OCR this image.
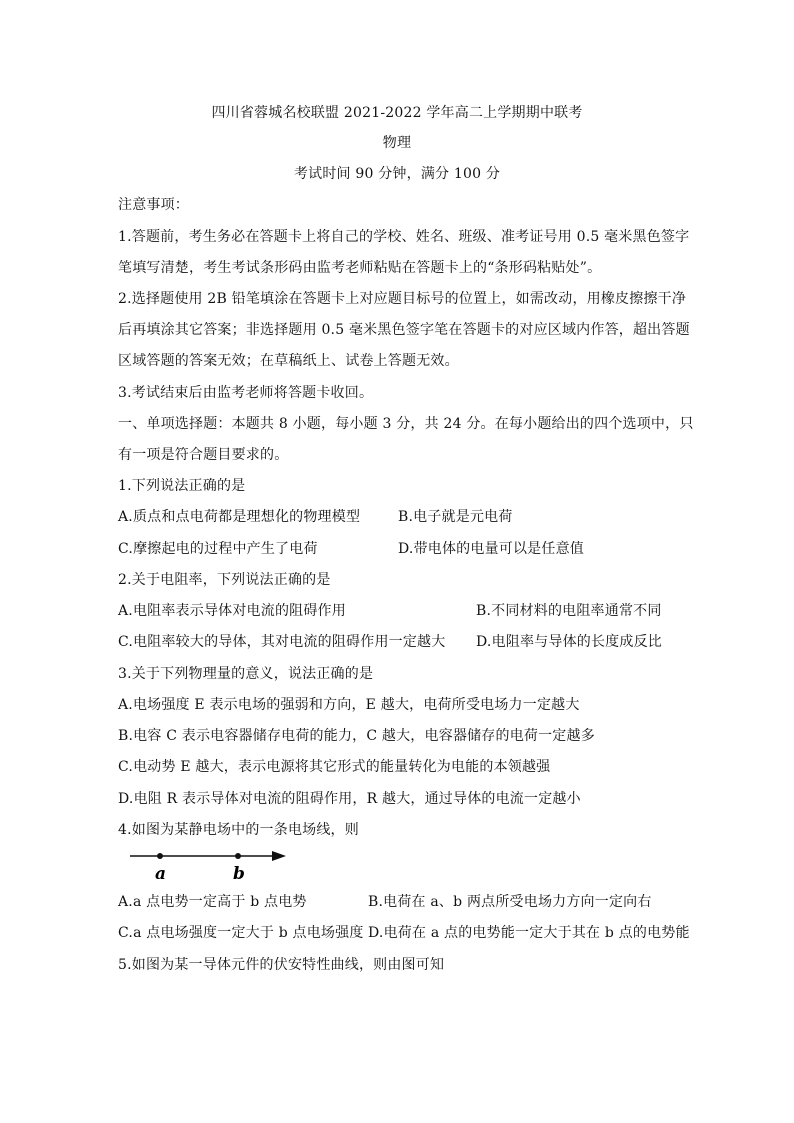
四川省蓉城名校联盟 2021-2022 学年高二上学期期中联考
物理
考试时间 90 分钟，满分 100 分
注意事项：
1.答题前，考生务必在答题卡上将自己的学校、姓名、班级、准考证号用 0.5 毫米黑色签字
笔填写清楚，考生考试条形码由监考老师粘贴在答题卡上的“条形码粘贴处”。
2.选择题使用 2B 铅笔填涂在答题卡上对应题目标号的位置上，如需改动，用橡皮擦擦干净
后再填涂其它答案；非选择题用 0.5 毫米黑色签字笔在答题卡的对应区域内作答，超出答题
区域答题的答案无效；在草稿纸上、试卷上答题无效。
3.考试结束后由监考老师将答题卡收回。
一、单项选择题：本题共 8 小题，每小题 3 分，共 24 分。在每小题给出的四个选项中，只
有一项是符合题目要求的。
1.下列说法正确的是
A.质点和点电荷都是理想化的物理模型	B.电子就是元电荷
C.摩擦起电的过程中产生了电荷	D.带电体的电量可以是任意值
2.关于电阻率，下列说法正确的是
A.电阻率表示导体对电流的阻碍作用	B.不同材料的电阻率通常不同
C.电阻率较大的导体，其对电流的阻碍作用一定越大 D.电阻率与导体的长度成反比
3.关于下列物理量的意义，说法正确的是
A.电场强度 E 表示电场的强弱和方向，E 越大，电荷所受电场力一定越大
B.电容 C 表示电容器储存电荷的能力，C 越大，电容器储存的电荷一定越多
C.电动势 E 越大，表示电源将其它形式的能量转化为电能的本领越强
D.电阻 R 表示导体对电流的阻碍作用，R 越大，通过导体的电流一定越小
4.如图为某静电场中的一条电场线，则
a	b
A.a 点电势一定高于 b 点电势	B.电荷在 a、b 两点所受电场力方向一定向右
C.a 点电场强度一定大于 b 点电场强度 D.电荷在 a 点的电势能一定大于其在 b 点的电势能
5.如图为某一导体元件的伏安特性曲线，则由图可知
